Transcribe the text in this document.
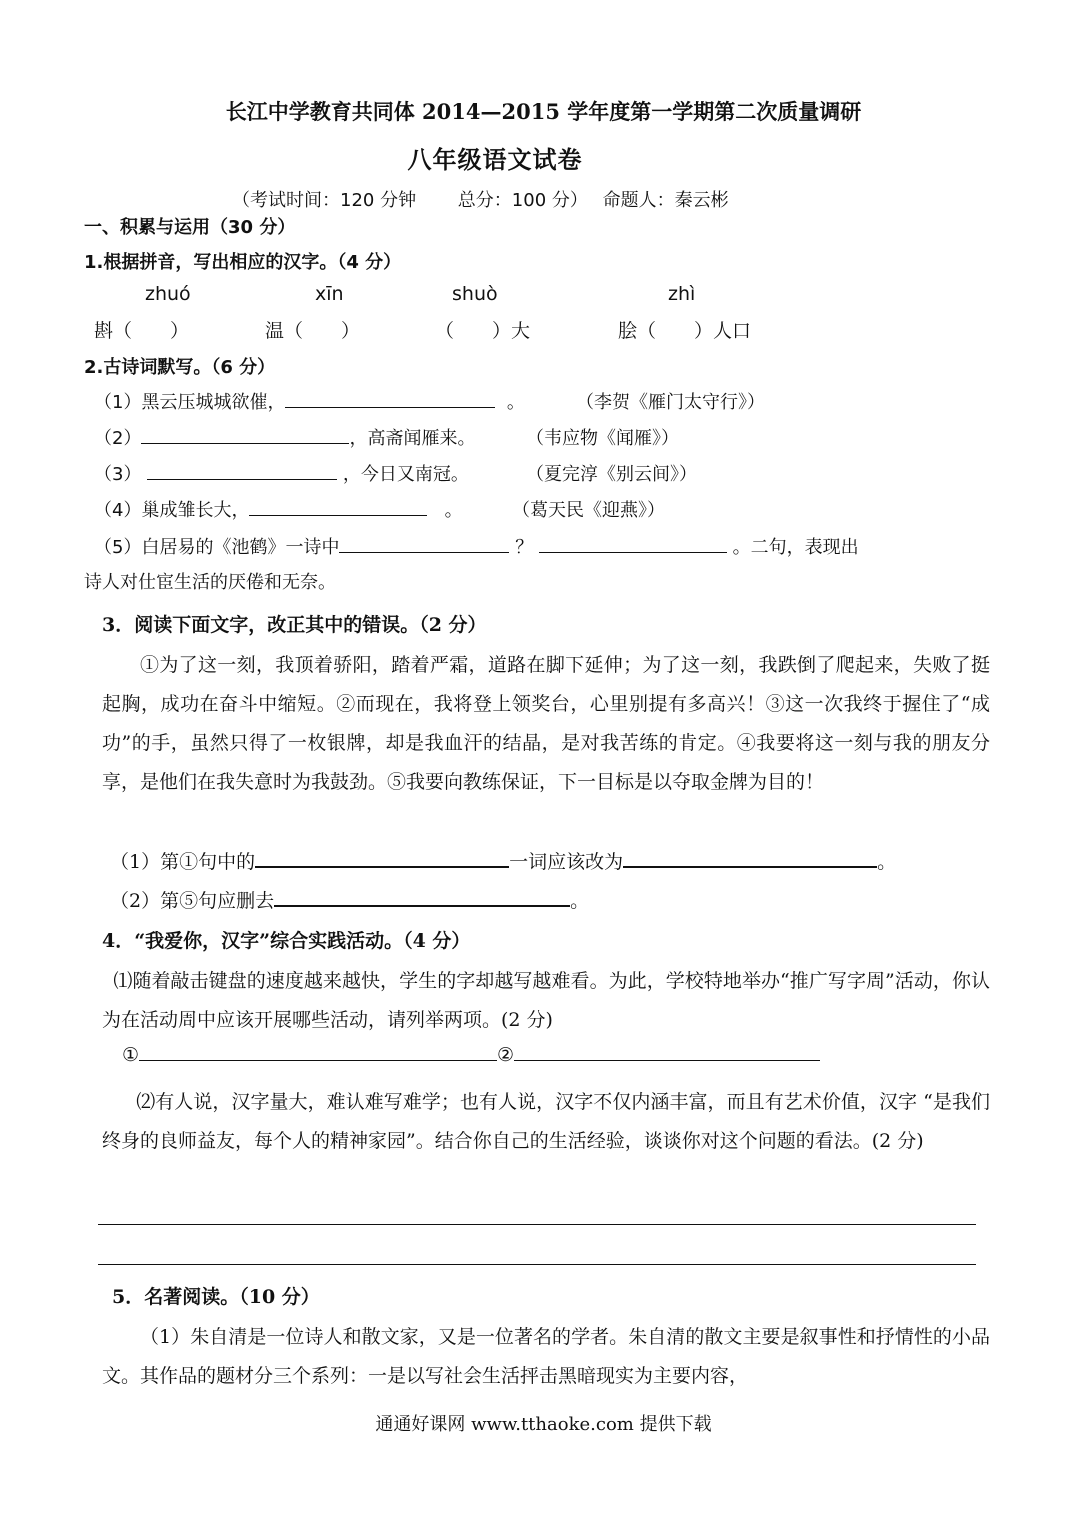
长江中学教育共同体 2014—2015 学年度第一学期第二次质量调研
八年级语文试卷
（考试时间：120 分钟　　 总分：100 分）　 命题人：秦云彬
一、积累与运用（30 分）
1.根据拼音，写出相应的汉字。（4 分）
zhuó	xīn	shuò	zhì
斟（　　）	温（　　）	（　　）大	脍（　　）人口
2.古诗词默写。（6 分）
（1）黑云压城城欲催，	。	（李贺《雁门太守行》）
（2）	，高斋闻雁来。	（韦应物《闻雁》）
（3）	，今日又南冠。	（夏完淳《别云间》）
（4）巢成雏长大，	。	（葛天民《迎燕》）
（5）白居易的《池鹤》一诗中	？	。二句，表现出
诗人对仕宦生活的厌倦和无奈。
3．阅读下面文字，改正其中的错误。（2 分）
①为了这一刻，我顶着骄阳，踏着严霜，道路在脚下延伸；为了这一刻，我跌倒了爬起来，失败了挺起胸，成功在奋斗中缩短。②而现在，我将登上领奖台，心里别提有多高兴！③这一次我终于握住了“成功”的手，虽然只得了一枚银牌，却是我血汗的结晶，是对我苦练的肯定。④我要将这一刻与我的朋友分享，是他们在我失意时为我鼓劲。⑤我要向教练保证，下一目标是以夺取金牌为目的！
（1）第①句中的	一词应该改为	。
（2）第⑤句应删去	。
4．“我爱你，汉字”综合实践活动。（4 分）
⑴随着敲击键盘的速度越来越快，学生的字却越写越难看。为此，学校特地举办“推广写字周”活动，你认为在活动周中应该开展哪些活动，请列举两项。(2 分)
①	②
⑵有人说，汉字量大，难认难写难学；也有人说，汉字不仅内涵丰富，而且有艺术价值，汉字 “是我们终身的良师益友，每个人的精神家园”。结合你自己的生活经验，谈谈你对这个问题的看法。(2 分)
5．名著阅读。（10 分）
（1）朱自清是一位诗人和散文家，又是一位著名的学者。朱自清的散文主要是叙事性和抒情性的小品文。其作品的题材分三个系列：一是以写社会生活抨击黑暗现实为主要内容，
通通好课网 www.tthaoke.com 提供下载
